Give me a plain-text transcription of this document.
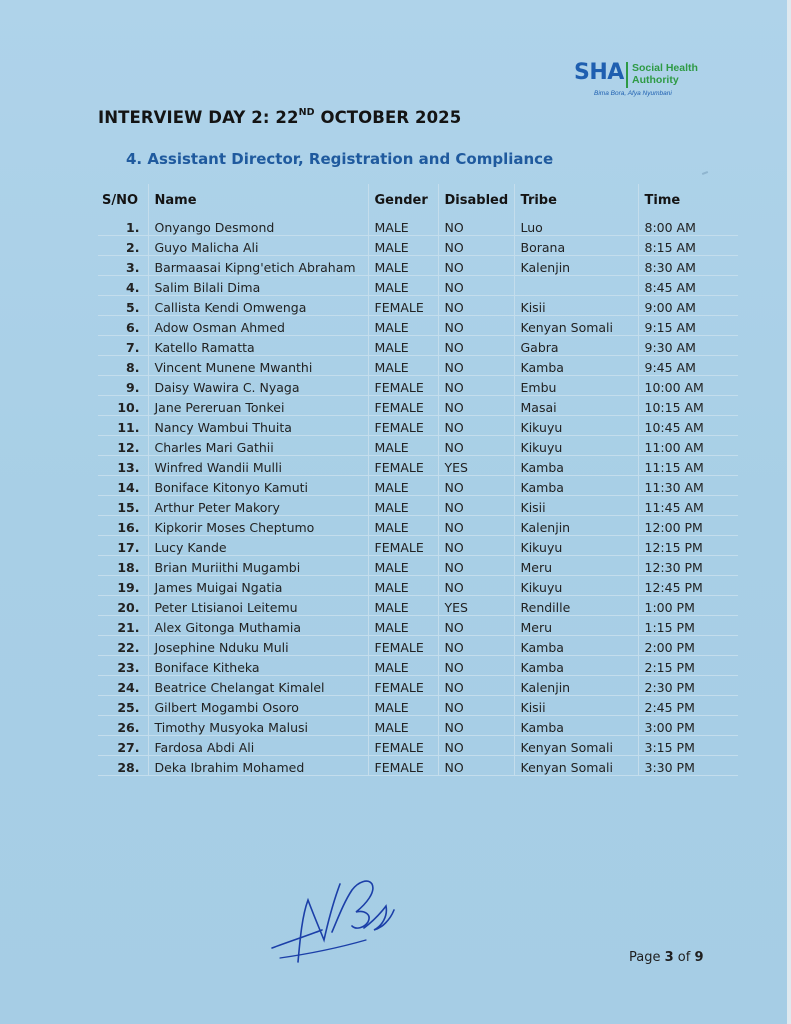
SHA Social Health
Authority
Bima Bora, Afya Nyumbani
INTERVIEW DAY 2: 22ND OCTOBER 2025
4. Assistant Director, Registration and Compliance
S/NO	Name	Gender	Disabled	Tribe	Time
1.	Onyango Desmond	MALE	NO	Luo	8:00 AM
2.	Guyo Malicha Ali	MALE	NO	Borana	8:15 AM
3.	Barmaasai Kipng'etich Abraham	MALE	NO	Kalenjin	8:30 AM
4.	Salim Bilali Dima	MALE	NO		8:45 AM
5.	Callista Kendi Omwenga	FEMALE	NO	Kisii	9:00 AM
6.	Adow Osman Ahmed	MALE	NO	Kenyan Somali	9:15 AM
7.	Katello Ramatta	MALE	NO	Gabra	9:30 AM
8.	Vincent Munene Mwanthi	MALE	NO	Kamba	9:45 AM
9.	Daisy Wawira C. Nyaga	FEMALE	NO	Embu	10:00 AM
10.	Jane Pereruan Tonkei	FEMALE	NO	Masai	10:15 AM
11.	Nancy Wambui Thuita	FEMALE	NO	Kikuyu	10:45 AM
12.	Charles Mari Gathii	MALE	NO	Kikuyu	11:00 AM
13.	Winfred Wandii Mulli	FEMALE	YES	Kamba	11:15 AM
14.	Boniface Kitonyo Kamuti	MALE	NO	Kamba	11:30 AM
15.	Arthur Peter Makory	MALE	NO	Kisii	11:45 AM
16.	Kipkorir Moses Cheptumo	MALE	NO	Kalenjin	12:00 PM
17.	Lucy Kande	FEMALE	NO	Kikuyu	12:15 PM
18.	Brian Muriithi Mugambi	MALE	NO	Meru	12:30 PM
19.	James Muigai Ngatia	MALE	NO	Kikuyu	12:45 PM
20.	Peter Ltisianoi Leitemu	MALE	YES	Rendille	1:00 PM
21.	Alex Gitonga Muthamia	MALE	NO	Meru	1:15 PM
22.	Josephine Nduku Muli	FEMALE	NO	Kamba	2:00 PM
23.	Boniface Kitheka	MALE	NO	Kamba	2:15 PM
24.	Beatrice Chelangat Kimalel	FEMALE	NO	Kalenjin	2:30 PM
25.	Gilbert Mogambi Osoro	MALE	NO	Kisii	2:45 PM
26.	Timothy Musyoka Malusi	MALE	NO	Kamba	3:00 PM
27.	Fardosa Abdi Ali	FEMALE	NO	Kenyan Somali	3:15 PM
28.	Deka Ibrahim Mohamed	FEMALE	NO	Kenyan Somali	3:30 PM
Page 3 of 9
